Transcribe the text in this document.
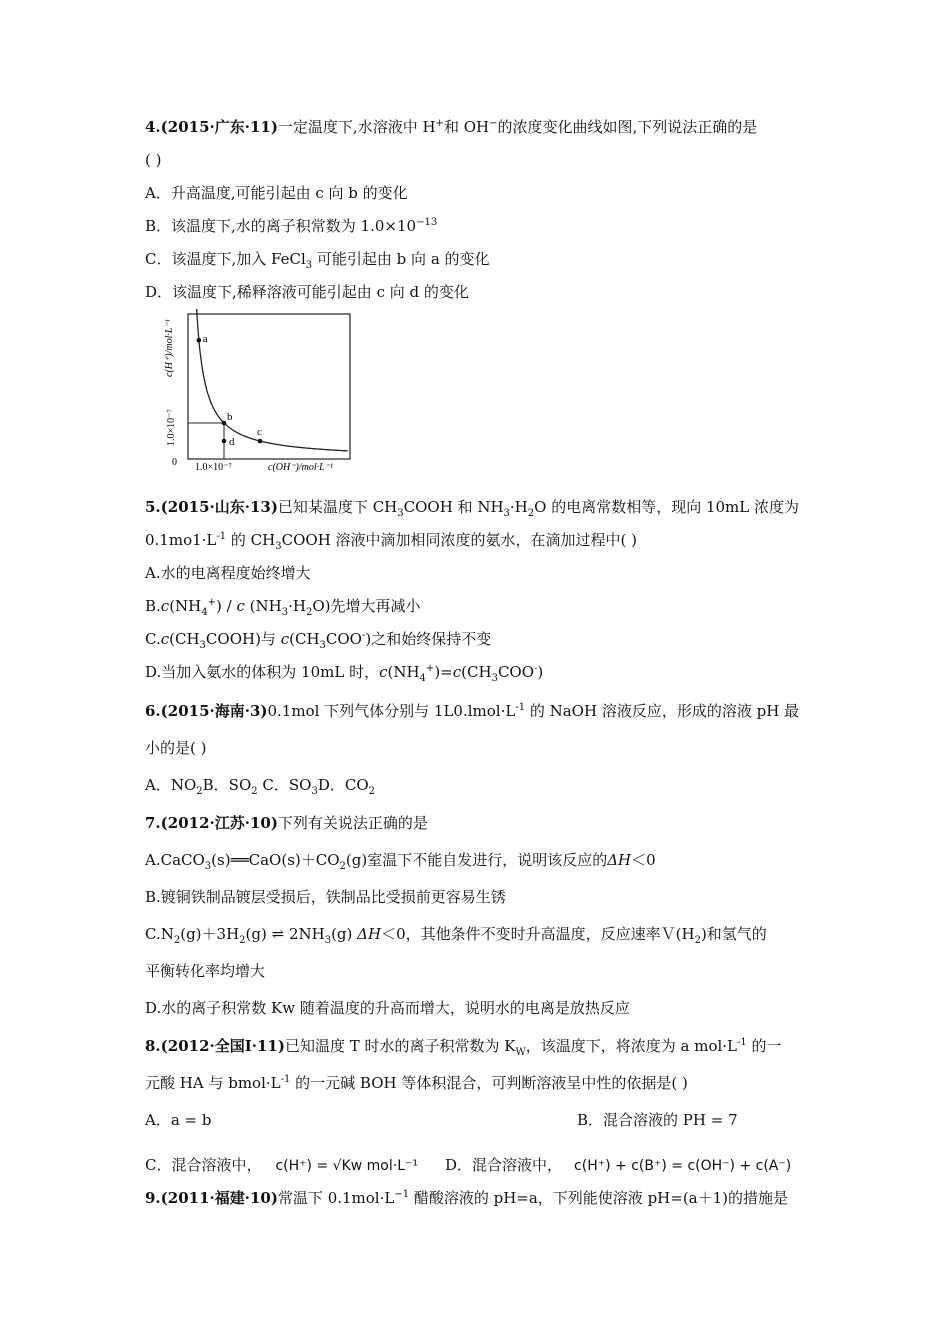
4.(2015·广东·11)一定温度下,水溶液中 H+和 OH−的浓度变化曲线如图,下列说法正确的是
( )
A．升高温度,可能引起由 c 向 b 的变化
B．该温度下,水的离子积常数为 $1.0\times 10^{-13}$
C．该温度下,加入 FeCl$_3$ 可能引起由 b 向 a 的变化
D．该温度下,稀释溶液可能引起由 c 向 d 的变化
a
b
c
d
c(H⁺)/mol·L⁻¹
1.0×10⁻⁷
0 1.0×10⁻⁷	c(OH⁻)/mol·L⁻¹
5.(2015·山东·13)已知某温度下 $CH_3COOH$ 和 $NH_3\cdot H_2O$ 的电离常数相等，现向 10mL 浓度为
$0.1mo1\cdot L^{-1}$ 的 $CH_3COOH$ 溶液中滴加相同浓度的氨水，在滴加过程中( )
A.水的电离程度始终增大
$B.c(NH_4^+)$ / c $(NH_3\cdot H_2O)$先增大再减小
$C.c(CH_3COOH)$与 $c(CH_3COO^-)$之和始终保持不变
D.当加入氨水的体积为 10mL 时，$c(NH_4^+)=c(CH_3COO^-)$
6.(2015·海南·3)0.1mol 下列气体分别与 $1L0.lmol\cdot L^{-1}$ 的 NaOH 溶液反应，形成的溶液 pH 最
小的是( )
A．$NO_2B$．$SO_2$ C．$SO_3D$．$CO_2$
7.(2012·江苏·10)下列有关说法正确的是
$A.CaCO_3(s)══CaO(s)+CO_2(g)$室温下不能自发进行，说明该反应的ΔH＜0
B.镀铜铁制品镀层受损后，铁制品比受损前更容易生锈
$C.N_2(g)+3H_2(g)$ ⇌ $2NH_3(g)$ ΔH＜0，其他条件不变时升高温度，反应速率$V(H_2)$和氢气的
平衡转化率均增大
D.水的离子积常数 Kw 随着温度的升高而增大，说明水的电离是放热反应
8.(2012·全国Ⅰ·11)已知温度 T 时水的离子积常数为 $K_W$，该温度下，将浓度为 a $mol\cdot L^{-1}$ 的一
元酸 HA 与 $bmol\cdot L^{-1}$ 的一元碱 BOH 等体积混合，可判断溶液呈中性的依据是( )
A．a = b	B．混合溶液的 PH = 7
C．混合溶液中， c(H⁺) = √Kw mol·L⁻¹ D．混合溶液中， c(H⁺) + c(B⁺) = c(OH⁻) + c(A⁻)
9.(2011·福建·10)常温下 $0.1mol\cdot L^{-1}$ 醋酸溶液的 pH=a，下列能使溶液 pH=(a＋1)的措施是
